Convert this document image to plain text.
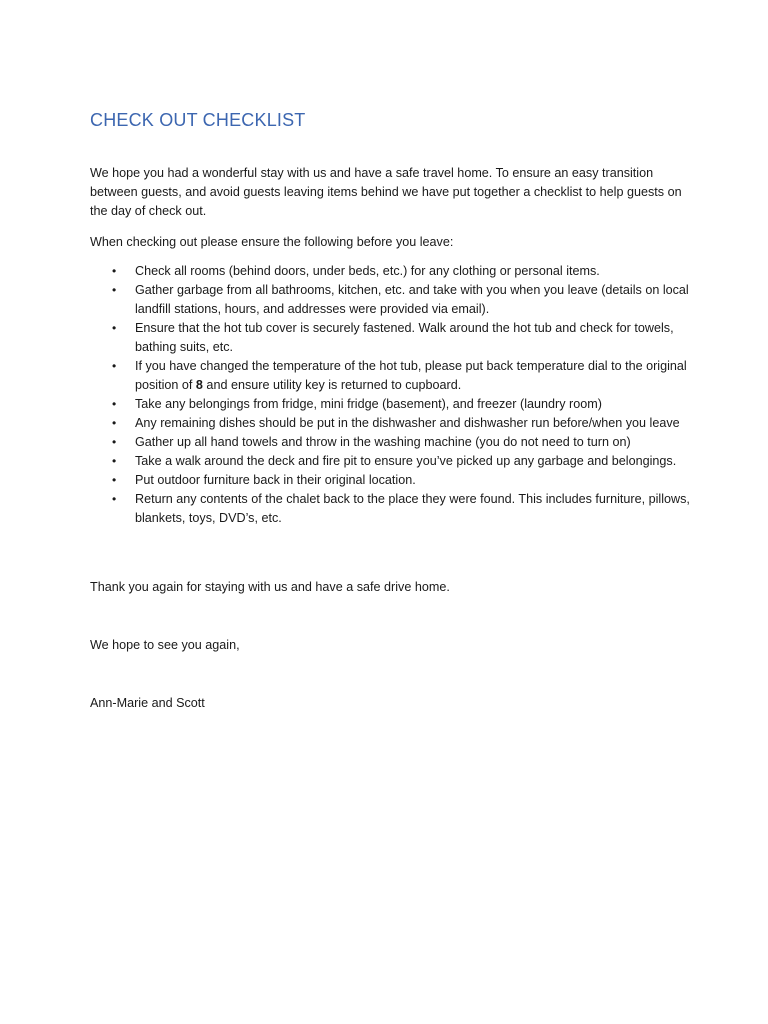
CHECK OUT CHECKLIST

We hope you had a wonderful stay with us and have a safe travel home. To ensure an easy transition between guests, and avoid guests leaving items behind we have put together a checklist to help guests on the day of check out.

When checking out please ensure the following before you leave:

• Check all rooms (behind doors, under beds, etc.) for any clothing or personal items.
• Gather garbage from all bathrooms, kitchen, etc. and take with you when you leave (details on local landfill stations, hours, and addresses were provided via email).
• Ensure that the hot tub cover is securely fastened. Walk around the hot tub and check for towels, bathing suits, etc.
• If you have changed the temperature of the hot tub, please put back temperature dial to the original position of 8 and ensure utility key is returned to cupboard.
• Take any belongings from fridge, mini fridge (basement), and freezer (laundry room)
• Any remaining dishes should be put in the dishwasher and dishwasher run before/when you leave
• Gather up all hand towels and throw in the washing machine (you do not need to turn on)
• Take a walk around the deck and fire pit to ensure you’ve picked up any garbage and belongings.
• Put outdoor furniture back in their original location.
• Return any contents of the chalet back to the place they were found. This includes furniture, pillows, blankets, toys, DVD’s, etc.

Thank you again for staying with us and have a safe drive home.

We hope to see you again,

Ann-Marie and Scott
